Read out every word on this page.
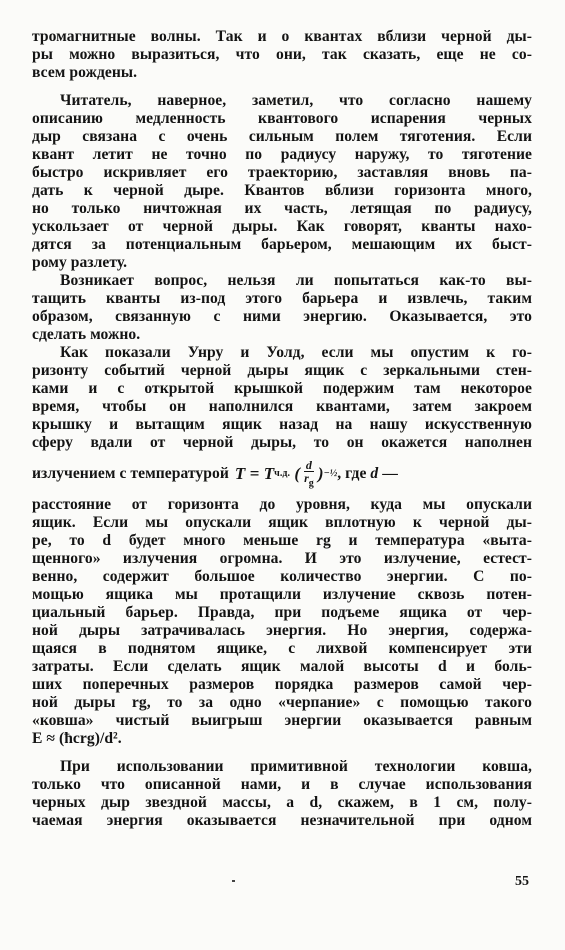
тромагнитные волны. Так и о квантах вблизи черной ды-
ры можно выразиться, что они, так сказать, еще не со-
всем рождены.
Читатель, наверное, заметил, что согласно нашему
описанию медленность квантового испарения черных
дыр связана с очень сильным полем тяготения. Если
квант летит не точно по радиусу наружу, то тяготение
быстро искривляет его траекторию, заставляя вновь па-
дать к черной дыре. Квантов вблизи горизонта много,
но только ничтожная их часть, летящая по радиусу,
ускользает от черной дыры. Как говорят, кванты нахо-
дятся за потенциальным барьером, мешающим их быст-
рому разлету.
Возникает вопрос, нельзя ли попытаться как-то вы-
тащить кванты из-под этого барьера и извлечь, таким
образом, связанную с ними энергию. Оказывается, это
сделать можно.
Как показали Унру и Уолд, если мы опустим к го-
ризонту событий черной дыры ящик с зеркальными стен-
ками и с открытой крышкой подержим там некоторое
время, чтобы он наполнился квантами, затем закроем
крышку и вытащим ящик назад на нашу искусственную
сферу вдали от черной дыры, то он окажется наполнен
излучением с температурой T
=
T ч.д.
( $\frac{d}{r_g}$ ) −½ , где
d
—
расстояние от горизонта до уровня, куда мы опускали
ящик. Если мы опускали ящик вплотную к черной ды-
ре, то d будет много меньше rg и температура «выта-
щенного» излучения огромна. И это излучение, естест-
венно, содержит большое количество энергии. С по-
мощью ящика мы протащили излучение сквозь потен-
циальный барьер. Правда, при подъеме ящика от чер-
ной дыры затрачивалась энергия. Но энергия, содержа-
щаяся в поднятом ящике, с лихвой компенсирует эти
затраты. Если сделать ящик малой высоты d и боль-
ших поперечных размеров порядка размеров самой чер-
ной дыры rg, то за одно «черпание» с помощью такого
«ковша» чистый выигрыш энергии оказывается равным
E ≈ (ħcrg)/d².
При использовании примитивной технологии ковша,
только что описанной нами, и в случае использования
черных дыр звездной массы, а d, скажем, в 1 см, полу-
чаемая энергия оказывается незначительной при одном
55
